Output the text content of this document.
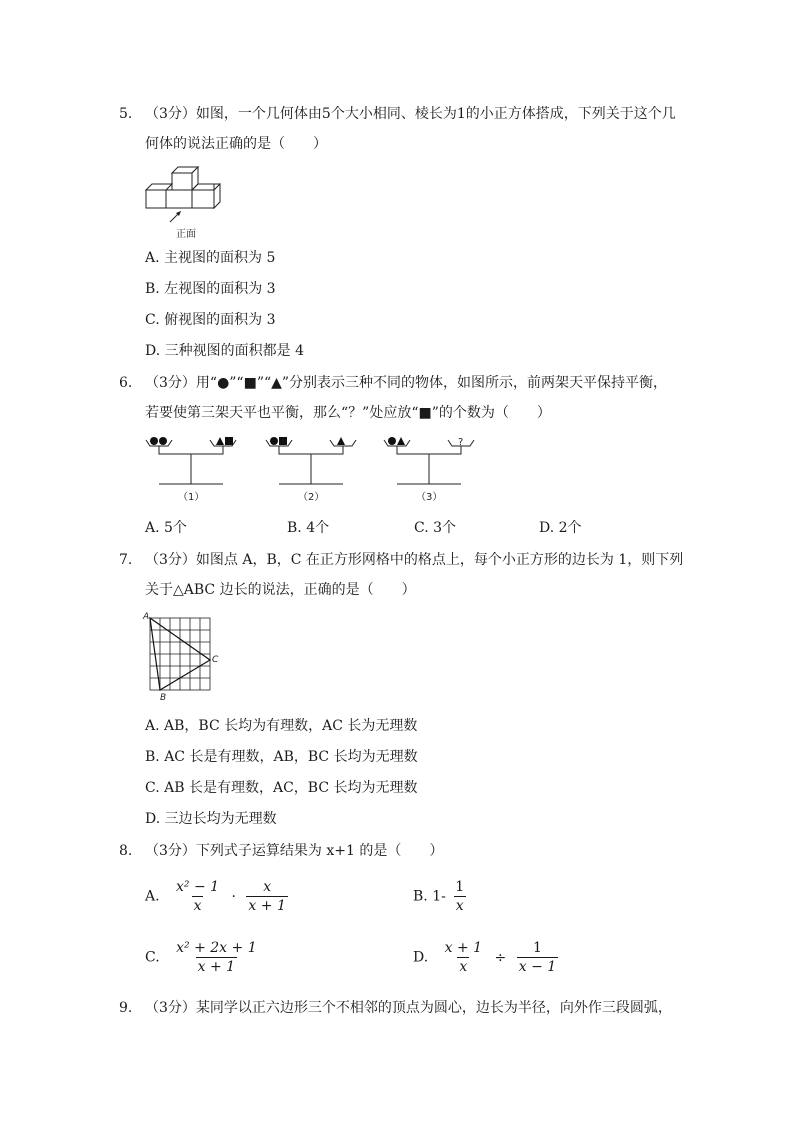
5. （3分）如图，一个几何体由5个大小相同、棱长为1的小正方体搭成，下列关于这个几
何体的说法正确的是（　　）
正面
A. 主视图的面积为 5
B. 左视图的面积为 3
C. 俯视图的面积为 3
D. 三种视图的面积都是 4
6. （3分）用“●”“■”“▲”分别表示三种不同的物体，如图所示，前两架天平保持平衡，
若要使第三架天平也平衡，那么“？”处应放“■”的个数为（　　）
?
（1）	（2）	（3）
A. 5个	B. 4个	C. 3个	D. 2个
7. （3分）如图点 A，B，C 在正方形网格中的格点上，每个小正方形的边长为 1，则下列
关于△ABC 边长的说法，正确的是（　　）
A
B
C
A. AB，BC 长均为有理数，AC 长为无理数
B. AC 长是有理数，AB，BC 长均为无理数
C. AB 长是有理数，AC，BC 长均为无理数
D. 三边长均为无理数
8. （3分）下列式子运算结果为 x+1 的是（　　）
A. $\frac{\text{x² − 1}}{x} \cdot \frac{x}{x + 1}$	B. $1- \frac{1}{x}$
C. $\frac{\text{x² + 2x + 1}}{x + 1}$	D. $\frac{x + 1}{x} \div \frac{1}{x - 1}$
9. （3分）某同学以正六边形三个不相邻的顶点为圆心，边长为半径，向外作三段圆弧，
